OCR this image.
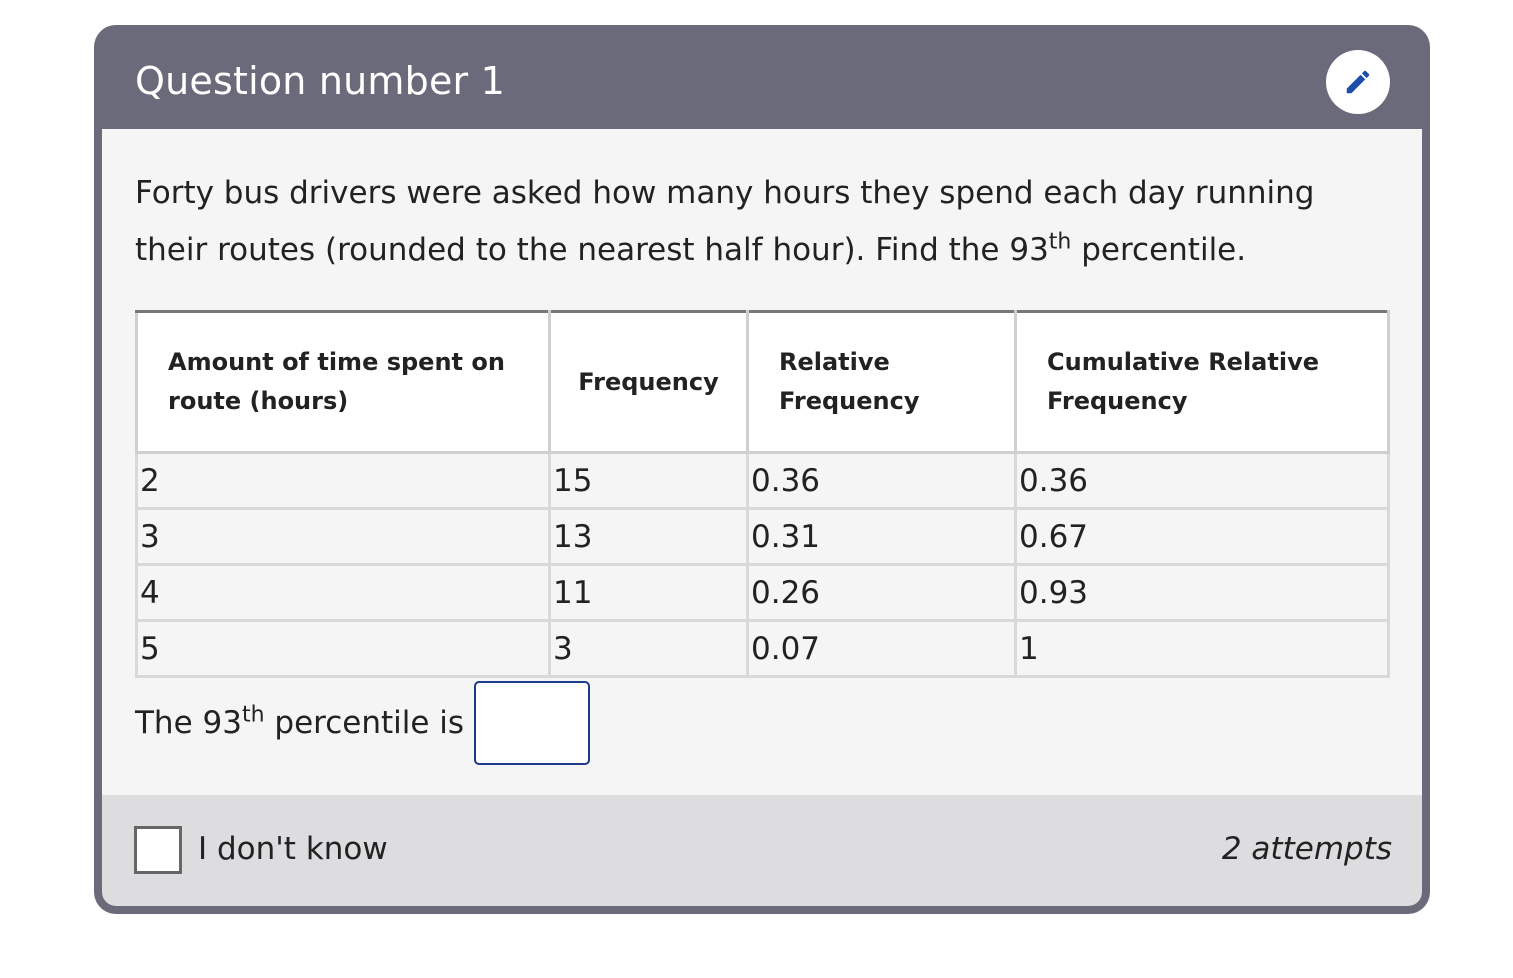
Question number 1

Forty bus drivers were asked how many hours they spend each day running their routes (rounded to the nearest half hour). Find the 93th percentile.

Amount of time spent on route (hours)	Frequency	Relative Frequency	Cumulative Relative Frequency
2	15	0.36	0.36
3	13	0.31	0.67
4	11	0.26	0.93
5	3	0.07	1
The 93th percentile is
I don't know	2 attempts
